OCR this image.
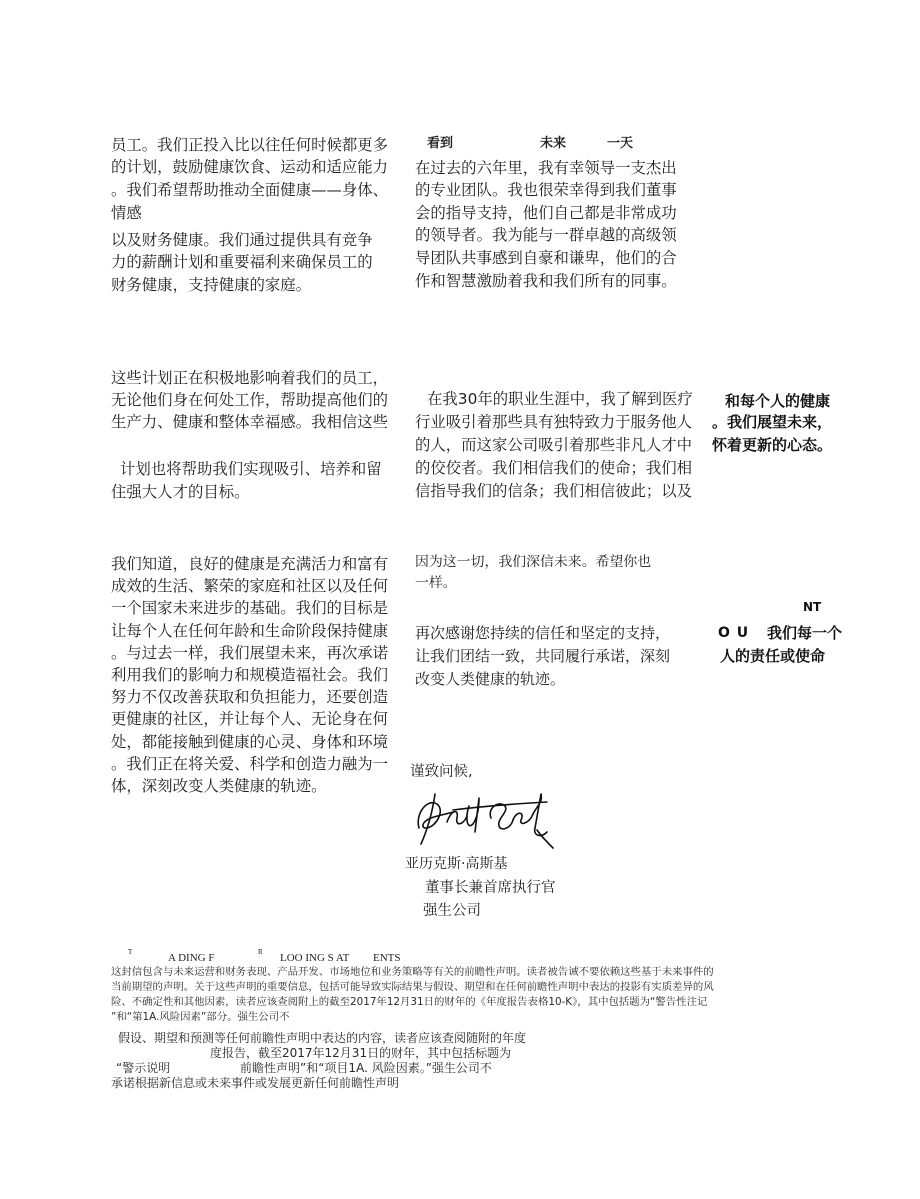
员工。我们正投入比以往任何时候都更多
的计划，鼓励健康饮食、运动和适应能力
。我们希望帮助推动全面健康——身体、
情感
以及财务健康。我们通过提供具有竞争
力的薪酬计划和重要福利来确保员工的
财务健康，支持健康的家庭。
这些计划正在积极地影响着我们的员工，
无论他们身在何处工作，帮助提高他们的
生产力、健康和整体幸福感。我相信这些
计划也将帮助我们实现吸引、培养和留
住强大人才的目标。
我们知道，良好的健康是充满活力和富有
成效的生活、繁荣的家庭和社区以及任何
一个国家未来进步的基础。我们的目标是
让每个人在任何年龄和生命阶段保持健康
。与过去一样，我们展望未来，再次承诺
利用我们的影响力和规模造福社会。我们
努力不仅改善获取和负担能力，还要创造
更健康的社区，并让每个人、无论身在何
处，都能接触到健康的心灵、身体和环境
。我们正在将关爱、科学和创造力融为一
体，深刻改变人类健康的轨迹。
看到	未来	一天
在过去的六年里，我有幸领导一支杰出
的专业团队。我也很荣幸得到我们董事
会的指导支持，他们自己都是非常成功
的领导者。我为能与一群卓越的高级领
导团队共事感到自豪和谦卑，他们的合
作和智慧激励着我和我们所有的同事。
在我30年的职业生涯中，我了解到医疗
行业吸引着那些具有独特致力于服务他人
的人，而这家公司吸引着那些非凡人才中
的佼佼者。我们相信我们的使命；我们相
信指导我们的信条；我们相信彼此；以及
因为这一切，我们深信未来。希望你也
一样。
再次感谢您持续的信任和坚定的支持，
让我们团结一致，共同履行承诺，深刻
改变人类健康的轨迹。
谨致问候,
亚历克斯·高斯基
董事长兼首席执行官
强生公司
和每个人的健康
。我们展望未来，
怀着更新的心态。
NT
O U 我们每一个
人的责任或使命
T	A DING F	R LOO ING S AT ENTS
这封信包含与未来运营和财务表现、产品开发、市场地位和业务策略等有关的前瞻性声明。读者被告诫不要依赖这些基于未来事件的
当前期望的声明。关于这些声明的重要信息，包括可能导致实际结果与假设、期望和在任何前瞻性声明中表达的投影有实质差异的风
险、不确定性和其他因素，读者应该查阅附上的截至2017年12月31日的财年的《年度报告表格10-K》，其中包括题为“警告性注记
”和“第1A.风险因素”部分。强生公司不
假设、期望和预测等任何前瞻性声明中表达的内容，读者应该查阅随附的年度
度报告，截至2017年12月31日的财年，其中包括标题为
“警示说明	前瞻性声明”和“项目1A. 风险因素。”强生公司不
承诺根据新信息或未来事件或发展更新任何前瞻性声明
